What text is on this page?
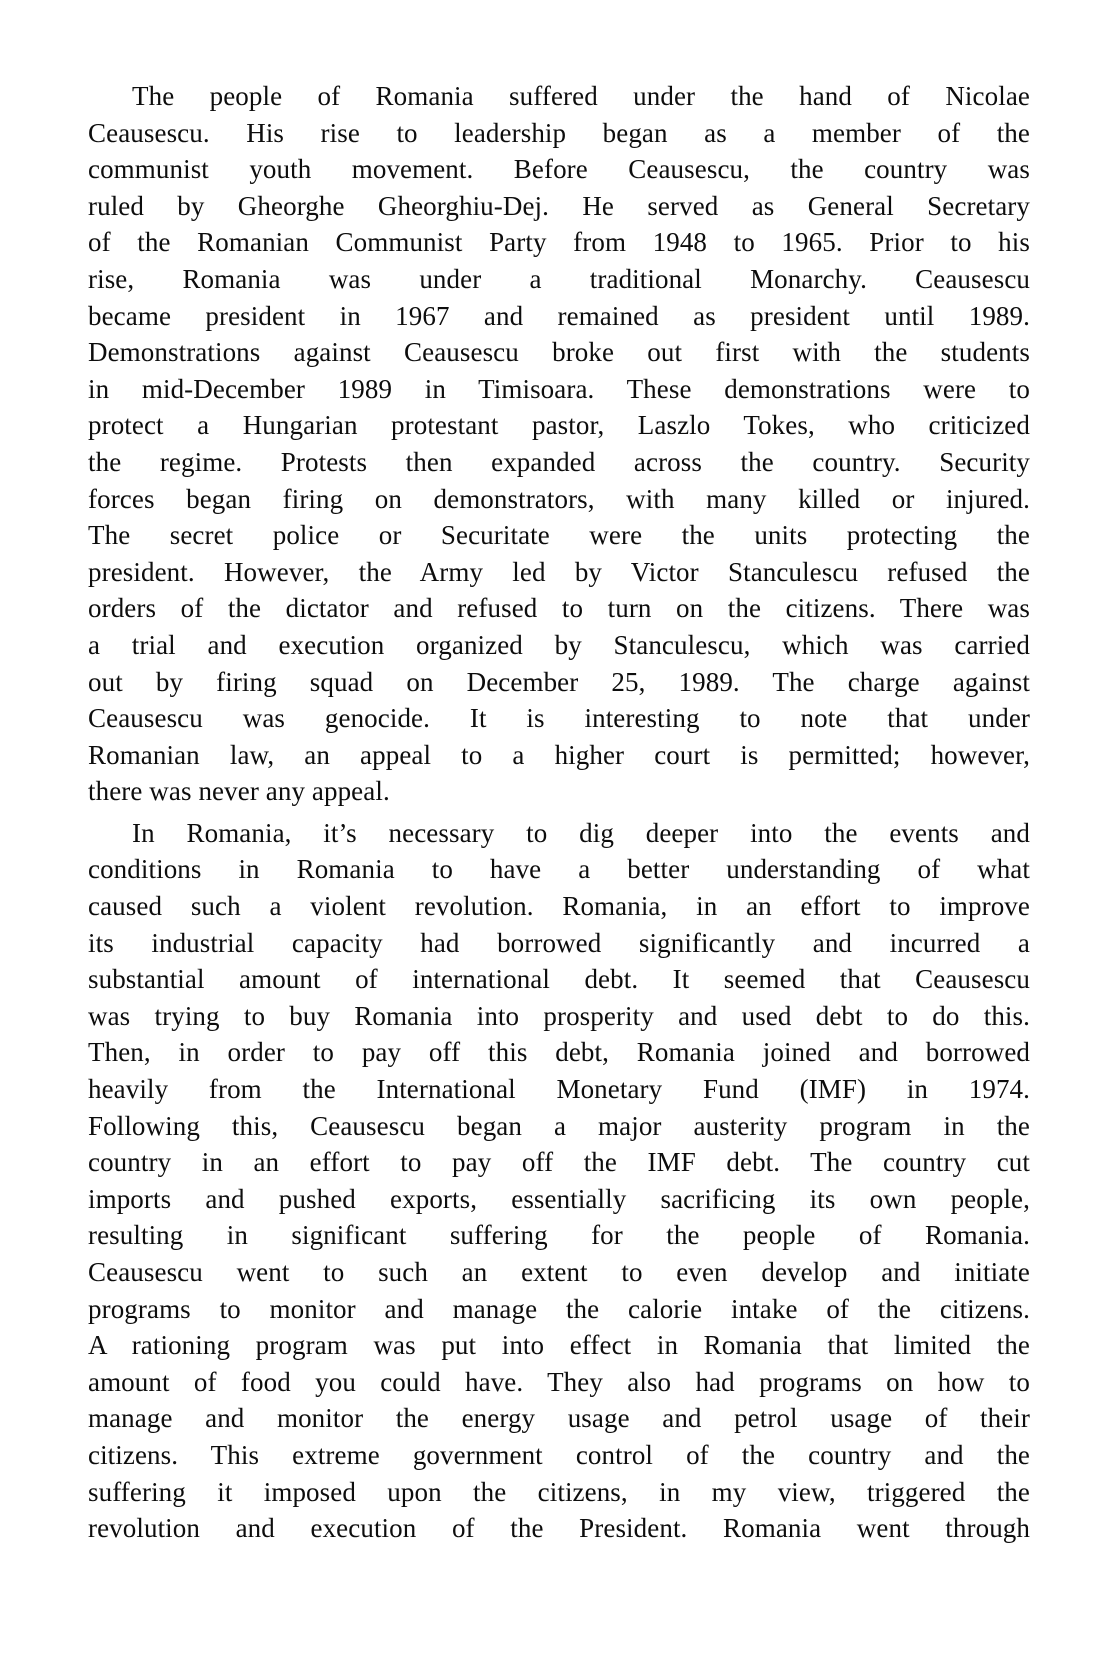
The people of Romania suffered under the hand of Nicolae
Ceausescu. His rise to leadership began as a member of the
communist youth movement. Before Ceausescu, the country was
ruled by Gheorghe Gheorghiu-Dej. He served as General Secretary
of the Romanian Communist Party from 1948 to 1965. Prior to his
rise, Romania was under a traditional Monarchy. Ceausescu
became president in 1967 and remained as president until 1989.
Demonstrations against Ceausescu broke out first with the students
in mid-December 1989 in Timisoara. These demonstrations were to
protect a Hungarian protestant pastor, Laszlo Tokes, who criticized
the regime. Protests then expanded across the country. Security
forces began firing on demonstrators, with many killed or injured.
The secret police or Securitate were the units protecting the
president. However, the Army led by Victor Stanculescu refused the
orders of the dictator and refused to turn on the citizens. There was
a trial and execution organized by Stanculescu, which was carried
out by firing squad on December 25, 1989. The charge against
Ceausescu was genocide. It is interesting to note that under
Romanian law, an appeal to a higher court is permitted; however,
there was never any appeal.
In Romania, it’s necessary to dig deeper into the events and
conditions in Romania to have a better understanding of what
caused such a violent revolution. Romania, in an effort to improve
its industrial capacity had borrowed significantly and incurred a
substantial amount of international debt. It seemed that Ceausescu
was trying to buy Romania into prosperity and used debt to do this.
Then, in order to pay off this debt, Romania joined and borrowed
heavily from the International Monetary Fund (IMF) in 1974.
Following this, Ceausescu began a major austerity program in the
country in an effort to pay off the IMF debt. The country cut
imports and pushed exports, essentially sacrificing its own people,
resulting in significant suffering for the people of Romania.
Ceausescu went to such an extent to even develop and initiate
programs to monitor and manage the calorie intake of the citizens.
A rationing program was put into effect in Romania that limited the
amount of food you could have. They also had programs on how to
manage and monitor the energy usage and petrol usage of their
citizens. This extreme government control of the country and the
suffering it imposed upon the citizens, in my view, triggered the
revolution and execution of the President. Romania went through
